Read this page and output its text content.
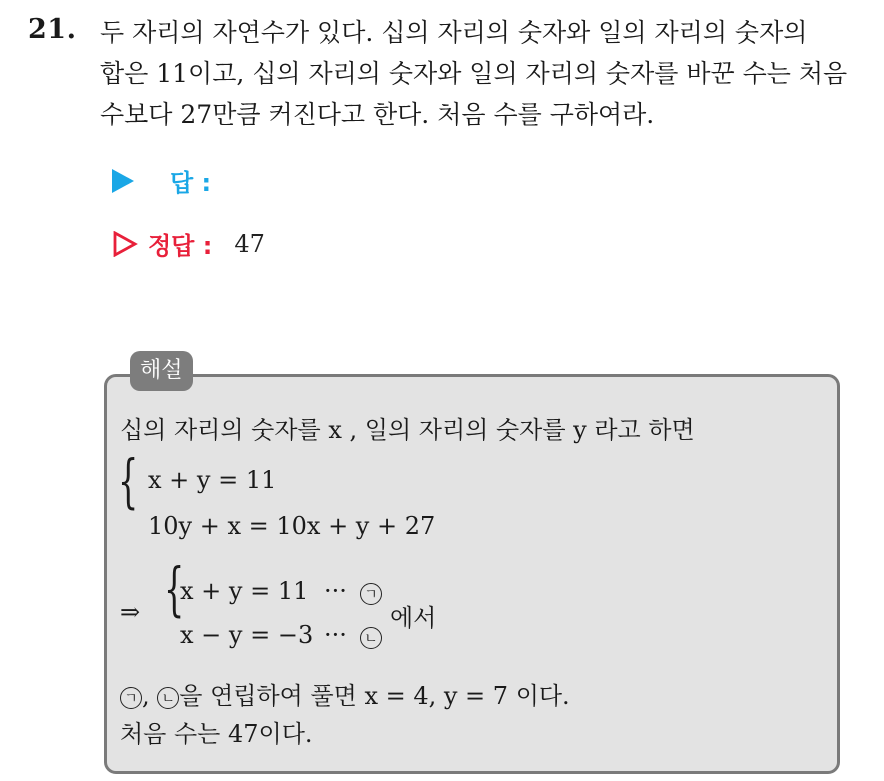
21. 두 자리의 자연수가 있다. 십의 자리의 숫자와 일의 자리의 숫자의
합은 11이고, 십의 자리의 숫자와 일의 자리의 숫자를 바꾼 수는 처음
수보다 27만큼 커진다고 한다. 처음 수를 구하여라.
답 :
정답 : 47
해설
십의 자리의 숫자를 x , 일의 자리의 숫자를 y 라고 하면
{ x + y = 11
10y + x = 10x + y + 27
⇒ {
x + y = 11
x − y = −3
···
···
ㄱ
ㄴ
에서
ㄱ , ㄴ 을 연립하여 풀면 x = 4, y = 7 이다.
처음 수는 47이다.
